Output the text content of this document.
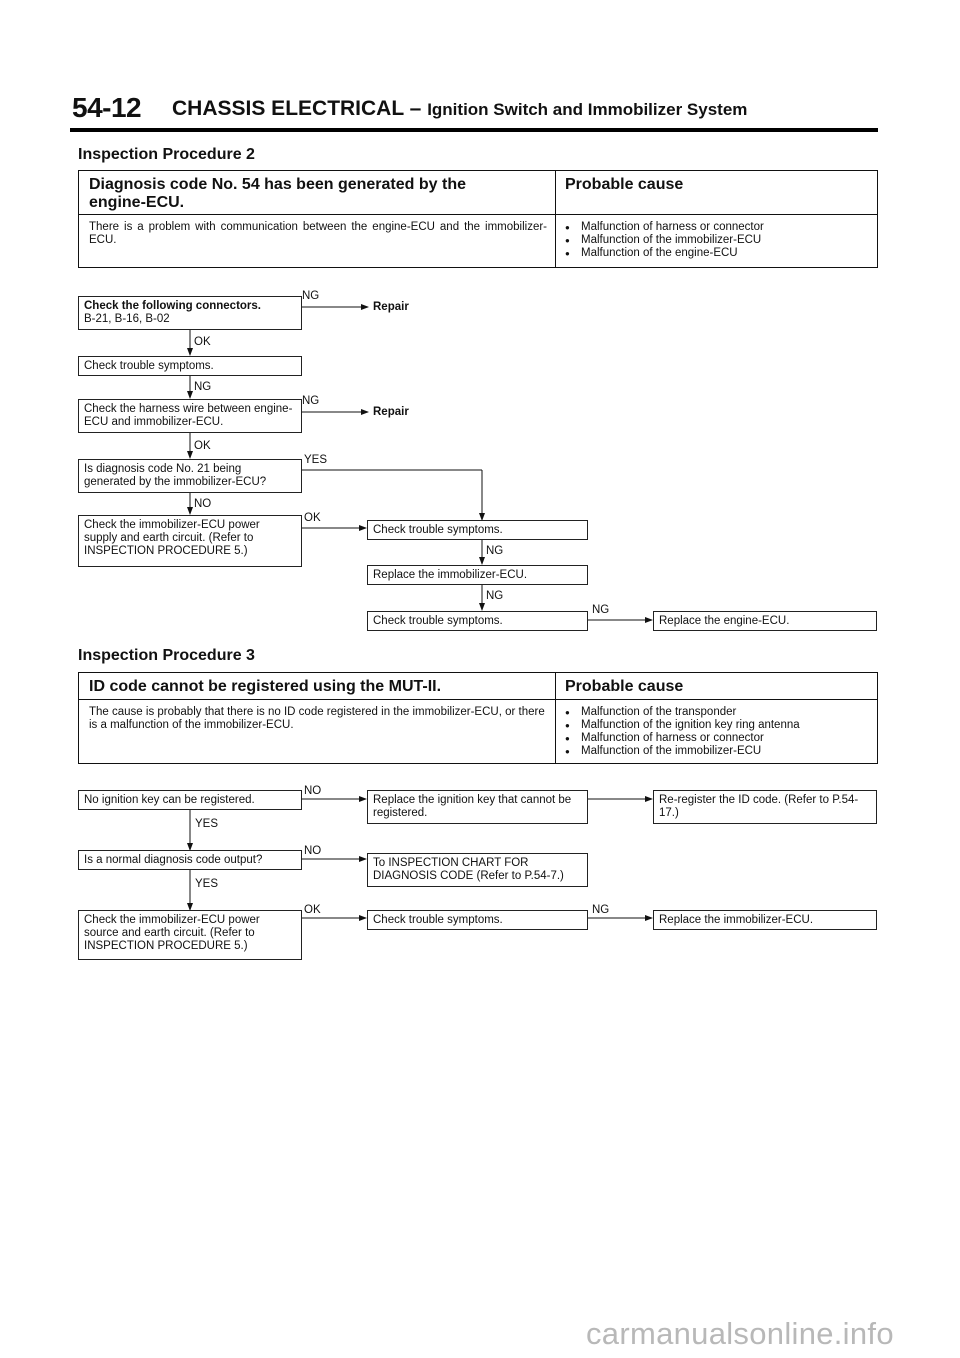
54-12 CHASSIS ELECTRICAL – Ignition Switch and Immobilizer System
Inspection Procedure 2
Diagnosis code No. 54 has been generated by the
engine-ECU.
Probable cause
There is a problem with communication between the engine-ECU and the immobilizer-ECU.
● Malfunction of harness or connector
● Malfunction of the immobilizer-ECU
● Malfunction of the engine-ECU
Check the following connectors.
B-21, B-16, B-02
NG
Repair
OK
Check trouble symptoms.
NG
Check the harness wire between engine-ECU and immobilizer-ECU.
NG
Repair
OK
Is diagnosis code No. 21 being generated by the immobilizer-ECU?
YES
NO
Check the immobilizer-ECU power supply and earth circuit. (Refer to INSPECTION PROCEDURE 5.)
OK
Check trouble symptoms.
NG
Replace the immobilizer-ECU.
NG
Check trouble symptoms.
NG
Replace the engine-ECU.
Inspection Procedure 3
ID code cannot be registered using the MUT-II.	Probable cause
The cause is probably that there is no ID code registered in the immobilizer-ECU, or there is a malfunction of the immobilizer-ECU.
● Malfunction of the transponder
● Malfunction of the ignition key ring antenna
● Malfunction of harness or connector
● Malfunction of the immobilizer-ECU
No ignition key can be registered.
NO
YES
Replace the ignition key that cannot be registered.
Re-register the ID code. (Refer to P.54-17.)
Is a normal diagnosis code output?
NO
YES
To INSPECTION CHART FOR DIAGNOSIS CODE (Refer to P.54-7.)
Check the immobilizer-ECU power source and earth circuit. (Refer to INSPECTION PROCEDURE 5.)
OK
Check trouble symptoms.
NG
Replace the immobilizer-ECU.
carmanualsonline.info
